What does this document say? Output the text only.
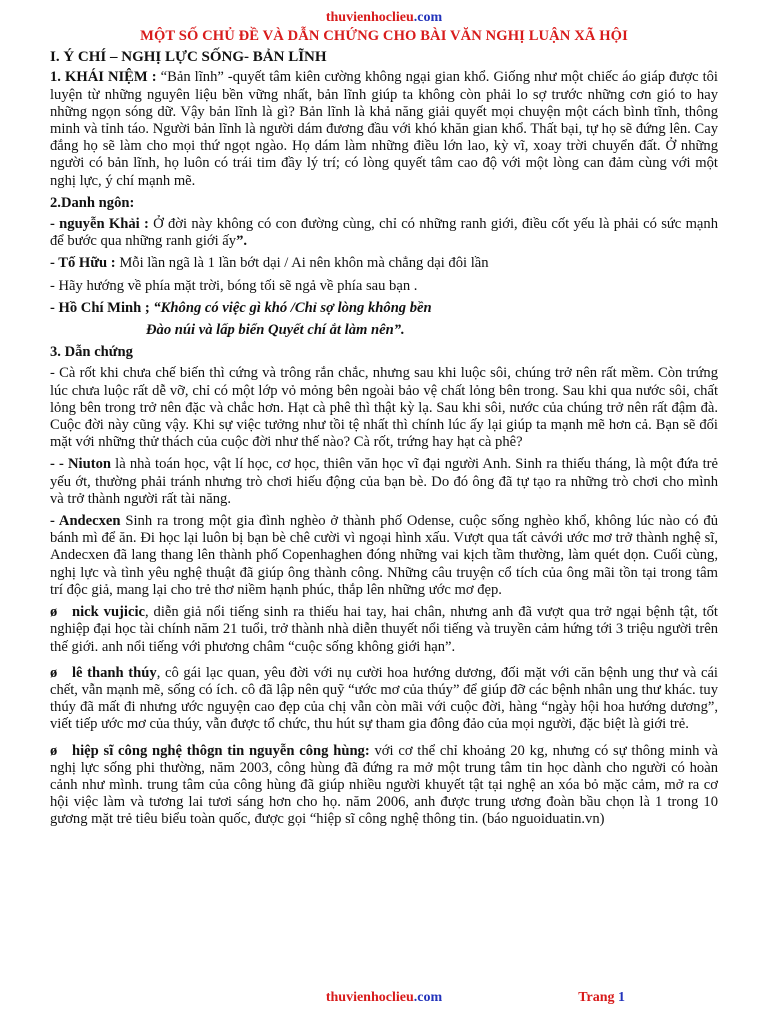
thuvienhoclieu.com
MỘT SỐ CHỦ ĐỀ VÀ DẪN CHỨNG CHO BÀI VĂN NGHỊ LUẬN XÃ HỘI
I. Ý CHÍ – NGHỊ LỰC SỐNG- BẢN LĨNH

1. KHÁI NIỆM : “Bản lĩnh” -quyết tâm kiên cường không ngại gian khổ. Giống như một chiếc áo giáp được tôi luyện từ những nguyên liệu bền vững nhất, bản lĩnh giúp ta không còn phải lo sợ trước những cơn gió to hay những ngọn sóng dữ. Vậy bản lĩnh là gì? Bản lĩnh là khả năng giải quyết mọi chuyện một cách bình tĩnh, thông minh và tỉnh táo. Người bản lĩnh là người dám đương đầu với khó khăn gian khổ. Thất bại, tự họ sẽ đứng lên. Cay đắng họ sẽ làm cho mọi thứ ngọt ngào. Họ dám làm những điều lớn lao, kỳ vĩ, xoay trời chuyển đất. Ở những người có bản lĩnh, họ luôn có trái tim đầy lý trí; có lòng quyết tâm cao độ với một lòng can đảm cùng với một nghị lực, ý chí mạnh mẽ.

2.Danh ngôn:

- nguyễn Khải : Ở đời này không có con đường cùng, chỉ có những ranh giới, điều cốt yếu là phải có sức mạnh để bước qua những ranh giới ấy”.

- Tố Hữu : Mỗi lần ngã là 1 lần bớt dại / Ai nên khôn mà chẳng dại đôi lần

- Hãy hướng về phía mặt trời, bóng tối sẽ ngả về phía sau bạn .

- Hồ Chí Minh ; “Không có việc gì khó /Chỉ sợ lòng không bền

Đào núi và lấp biển Quyết chí ắt làm nên”.

3. Dẫn chứng

- Cà rốt khi chưa chế biến thì cứng và trông rắn chắc, nhưng sau khi luộc sôi, chúng trở nên rất mềm. Còn trứng lúc chưa luộc rất dễ vỡ, chỉ có một lớp vỏ mỏng bên ngoài bảo vệ chất lỏng bên trong. Sau khi qua nước sôi, chất lỏng bên trong trở nên đặc và chắc hơn. Hạt cà phê thì thật kỳ lạ. Sau khi sôi, nước của chúng trở nên rất đậm đà. Cuộc đời này cũng vậy. Khi sự việc tưởng như tồi tệ nhất thì chính lúc ấy lại giúp ta mạnh mẽ hơn cả. Bạn sẽ đối mặt với những thử thách của cuộc đời như thế nào? Cà rốt, trứng hay hạt cà phê?

- - Niuton là nhà toán học, vật lí học, cơ học, thiên văn học vĩ đại người Anh. Sinh ra thiếu tháng, là một đứa trẻ yếu ớt, thường phải tránh nhưng trò chơi hiếu động của bạn bè. Do đó ông đã tự tạo ra những trò chơi cho mình và trở thành người rất tài năng.

- Andecxen Sinh ra trong một gia đình nghèo ở thành phố Odense, cuộc sống nghèo khổ, không lúc nào có đủ bánh mì để ăn. Đi học lại luôn bị bạn bè chê cười vì ngoại hình xấu. Vượt qua tất cảvới ước mơ trở thành nghệ sĩ, Andecxen đã lang thang lên thành phố Copenhaghen đóng những vai kịch tầm thường, làm quét dọn. Cuối cùng, nghị lực và tình yêu nghệ thuật đã giúp ông thành công. Những câu truyện cổ tích của ông mãi tồn tại trong tâm trí độc giả, mang lại cho trẻ thơ niềm hạnh phúc, thắp lên những ước mơ đẹp.

ø nick vujicic, diễn giả nổi tiếng sinh ra thiếu hai tay, hai chân, nhưng anh đã vượt qua trở ngại bệnh tật, tốt nghiệp đại học tài chính năm 21 tuổi, trở thành nhà diễn thuyết nổi tiếng và truyền cảm hứng tới 3 triệu người trên thế giới. anh nổi tiếng với phương châm “cuộc sống không giới hạn”.

ø lê thanh thúy, cô gái lạc quan, yêu đời với nụ cười hoa hướng dương, đối mặt với căn bệnh ung thư và cái chết, vẫn mạnh mẽ, sống có ích. cô đã lập nên quỹ “ước mơ của thúy” để giúp đỡ các bệnh nhân ung thư khác. tuy thúy đã mất đi nhưng ước nguyện cao đẹp của chị vẫn còn mãi với cuộc đời, hàng “ngày hội hoa hướng dương”, viết tiếp ước mơ của thúy, vẫn được tổ chức, thu hút sự tham gia đông đảo của mọi người, đặc biệt là giới trẻ.

ø hiệp sĩ công nghệ thôgn tin nguyễn công hùng: với cơ thể chỉ khoảng 20 kg, nhưng có sự thông minh và nghị lực sống phi thường, năm 2003, công hùng đã đứng ra mở một trung tâm tin học dành cho người có hoàn cảnh như mình. trung tâm của công hùng đã giúp nhiều người khuyết tật tại nghệ an xóa bỏ mặc cảm, mở ra cơ hội việc làm và tương lai tươi sáng hơn cho họ. năm 2006, anh được trung ương đoàn bầu chọn là 1 trong 10 gương mặt trẻ tiêu biểu toàn quốc, được gọi “hiệp sĩ công nghệ thông tin. (báo nguoiduatin.vn)

thuvienhoclieu.com	Trang 1
